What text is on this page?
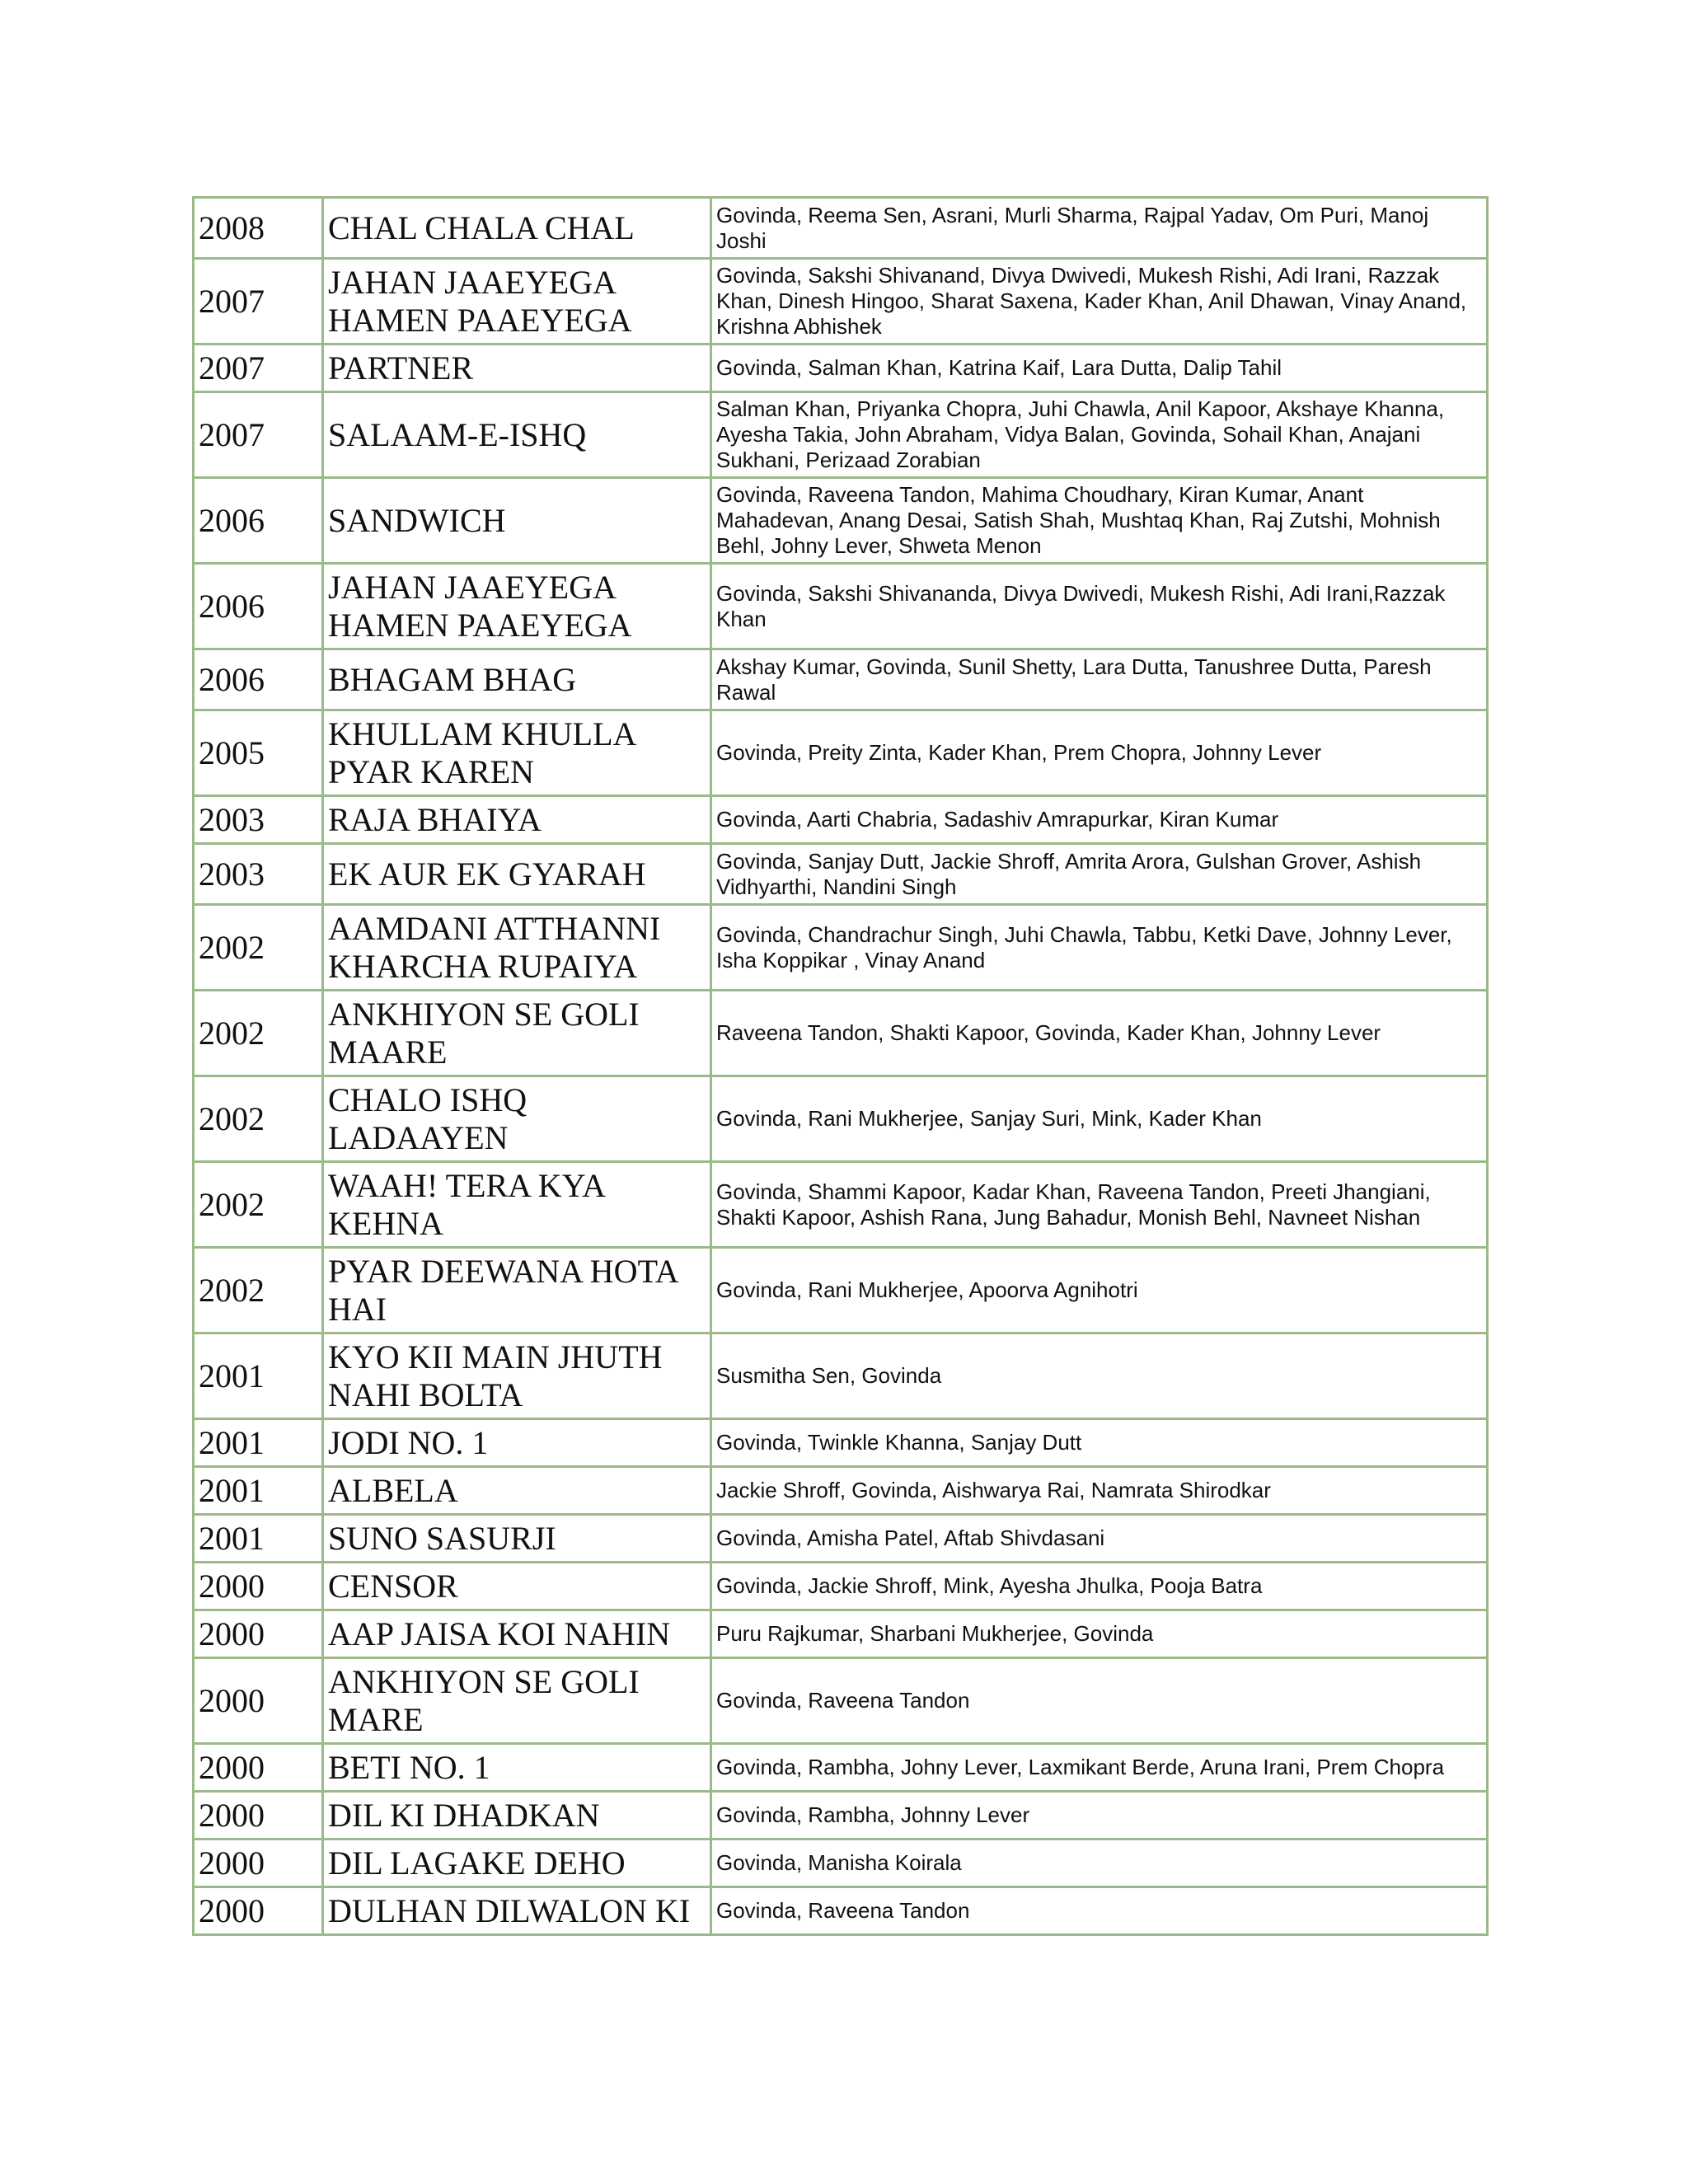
2008	CHAL CHALA CHAL	Govinda, Reema Sen, Asrani, Murli Sharma, Rajpal Yadav, Om Puri, Manoj Joshi
2007	JAHAN JAAEYEGA HAMEN PAAEYEGA	Govinda, Sakshi Shivanand, Divya Dwivedi, Mukesh Rishi, Adi Irani, Razzak Khan, Dinesh Hingoo, Sharat Saxena, Kader Khan, Anil Dhawan, Vinay Anand, Krishna Abhishek
2007	PARTNER	Govinda, Salman Khan, Katrina Kaif, Lara Dutta, Dalip Tahil
2007	SALAAM-E-ISHQ	Salman Khan, Priyanka Chopra, Juhi Chawla, Anil Kapoor, Akshaye Khanna, Ayesha Takia, John Abraham, Vidya Balan, Govinda, Sohail Khan, Anajani Sukhani, Perizaad Zorabian
2006	SANDWICH	Govinda, Raveena Tandon, Mahima Choudhary, Kiran Kumar, Anant Mahadevan, Anang Desai, Satish Shah, Mushtaq Khan, Raj Zutshi, Mohnish Behl, Johny Lever, Shweta Menon
2006	JAHAN JAAEYEGA HAMEN PAAEYEGA	Govinda, Sakshi Shivananda, Divya Dwivedi, Mukesh Rishi, Adi Irani,Razzak Khan
2006	BHAGAM BHAG	Akshay Kumar, Govinda, Sunil Shetty, Lara Dutta, Tanushree Dutta, Paresh Rawal
2005	KHULLAM KHULLA PYAR KAREN	Govinda, Preity Zinta, Kader Khan, Prem Chopra, Johnny Lever
2003	RAJA BHAIYA	Govinda, Aarti Chabria, Sadashiv Amrapurkar, Kiran Kumar
2003	EK AUR EK GYARAH	Govinda, Sanjay Dutt, Jackie Shroff, Amrita Arora, Gulshan Grover, Ashish Vidhyarthi, Nandini Singh
2002	AAMDANI ATTHANNI KHARCHA RUPAIYA	Govinda, Chandrachur Singh, Juhi Chawla, Tabbu, Ketki Dave, Johnny Lever, Isha Koppikar , Vinay Anand
2002	ANKHIYON SE GOLI MAARE	Raveena Tandon, Shakti Kapoor, Govinda, Kader Khan, Johnny Lever
2002	CHALO ISHQ LADAAYEN	Govinda, Rani Mukherjee, Sanjay Suri, Mink, Kader Khan
2002	WAAH! TERA KYA KEHNA	Govinda, Shammi Kapoor, Kadar Khan, Raveena Tandon, Preeti Jhangiani, Shakti Kapoor, Ashish Rana, Jung Bahadur, Monish Behl, Navneet Nishan
2002	PYAR DEEWANA HOTA HAI	Govinda, Rani Mukherjee, Apoorva Agnihotri
2001	KYO KII MAIN JHUTH NAHI BOLTA	Susmitha Sen, Govinda
2001	JODI NO. 1	Govinda, Twinkle Khanna, Sanjay Dutt
2001	ALBELA	Jackie Shroff, Govinda, Aishwarya Rai, Namrata Shirodkar
2001	SUNO SASURJI	Govinda, Amisha Patel, Aftab Shivdasani
2000	CENSOR	Govinda, Jackie Shroff, Mink, Ayesha Jhulka, Pooja Batra
2000	AAP JAISA KOI NAHIN	Puru Rajkumar, Sharbani Mukherjee, Govinda
2000	ANKHIYON SE GOLI MARE	Govinda, Raveena Tandon
2000	BETI NO. 1	Govinda, Rambha, Johny Lever, Laxmikant Berde, Aruna Irani, Prem Chopra
2000	DIL KI DHADKAN	Govinda, Rambha, Johnny Lever
2000	DIL LAGAKE DEHO	Govinda, Manisha Koirala
2000	DULHAN DILWALON KI	Govinda, Raveena Tandon
